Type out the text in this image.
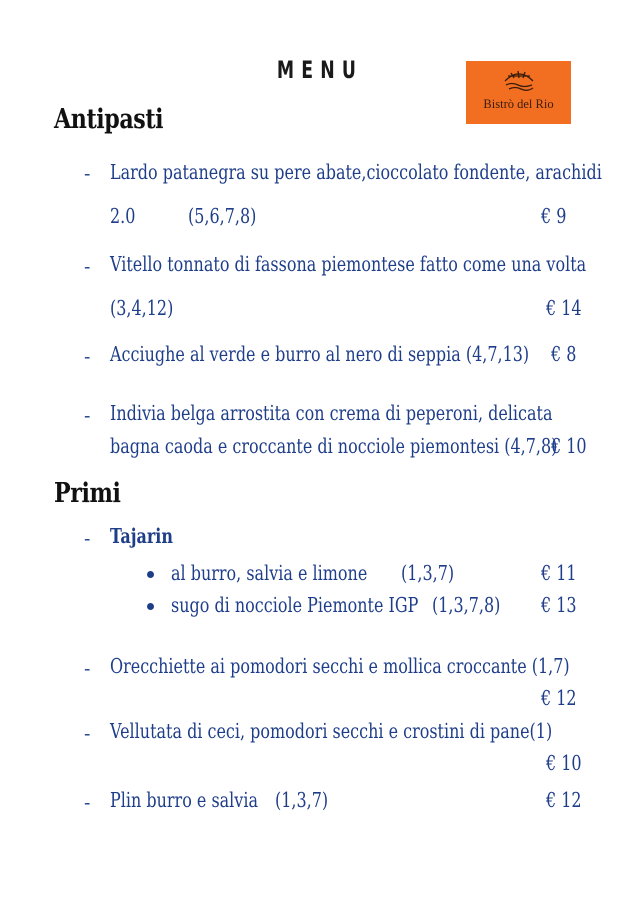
MENU
Bistrò del Rio
Antipasti
- Lardo patanegra su pere abate,cioccolato fondente, arachidi
2.0	(5,6,7,8)	€ 9
- Vitello tonnato di fassona piemontese fatto come una volta
(3,4,12)	€ 14
- Acciughe al verde e burro al nero di seppia (4,7,13) € 8
- Indivia belga arrostita con crema di peperoni, delicata
bagna caoda e croccante di nocciole piemontesi (4,7,8)
€ 10
Primi
- Tajarin
al burro, salvia e limone (1,3,7)	€ 11
sugo di nocciole Piemonte IGP (1,3,7,8) € 13
- Orecchiette ai pomodori secchi e mollica croccante (1,7)
€ 12
- Vellutata di ceci, pomodori secchi e crostini di pane(1)
€ 10
- Plin burro e salvia (1,3,7)	€ 12
